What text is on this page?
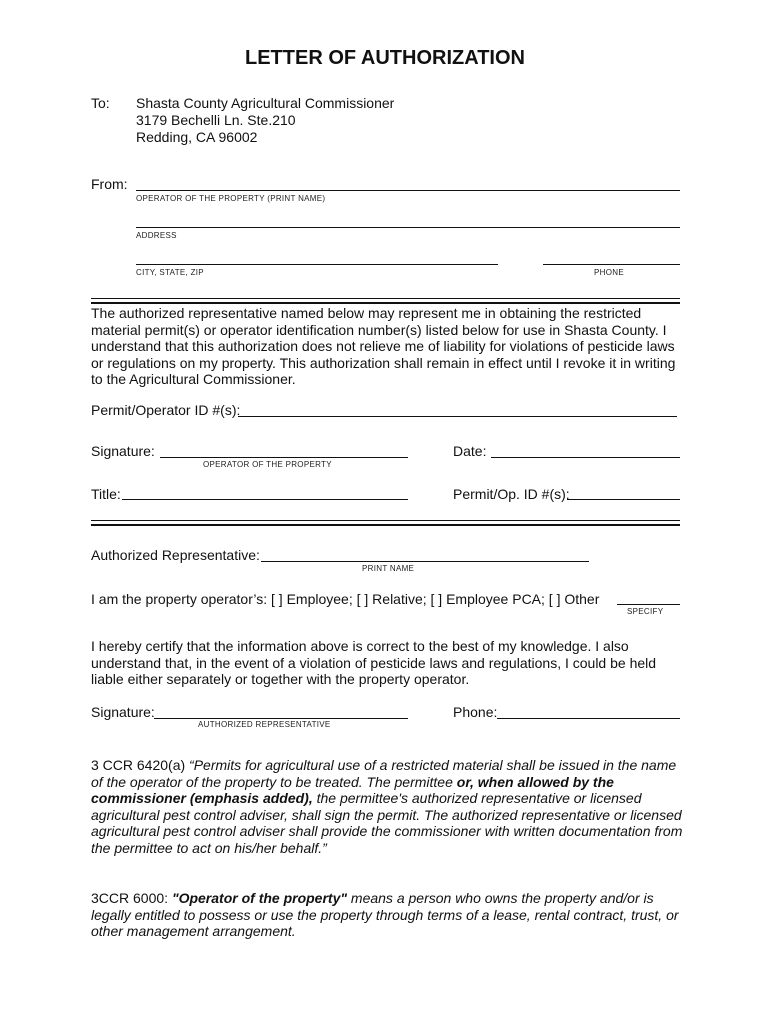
LETTER OF AUTHORIZATION
To: Shasta County Agricultural Commissioner
3179 Bechelli Ln. Ste.210
Redding, CA 96002
From:
OPERATOR OF THE PROPERTY (PRINT NAME)
ADDRESS
CITY, STATE, ZIP	PHONE
The authorized representative named below may represent me in obtaining the restricted material permit(s) or operator identification number(s) listed below for use in Shasta County. I understand that this authorization does not relieve me of liability for violations of pesticide laws or regulations on my property. This authorization shall remain in effect until I revoke it in writing to the Agricultural Commissioner.
Permit/Operator ID #(s):
Signature:
OPERATOR OF THE PROPERTY
Date:
Title:	Permit/Op. ID #(s):
Authorized Representative:
PRINT NAME
I am the property operator’s: [ ] Employee; [ ] Relative; [ ] Employee PCA; [ ] Other
SPECIFY
I hereby certify that the information above is correct to the best of my knowledge. I also understand that, in the event of a violation of pesticide laws and regulations, I could be held liable either separately or together with the property operator.
Signature:
AUTHORIZED REPRESENTATIVE
Phone:
3 CCR 6420(a) “Permits for agricultural use of a restricted material shall be issued in the name of the operator of the property to be treated. The permittee or, when allowed by the commissioner (emphasis added), the permittee's authorized representative or licensed agricultural pest control adviser, shall sign the permit. The authorized representative or licensed agricultural pest control adviser shall provide the commissioner with written documentation from the permittee to act on his/her behalf.”
3CCR 6000: "Operator of the property" means a person who owns the property and/or is legally entitled to possess or use the property through terms of a lease, rental contract, trust, or other management arrangement.
